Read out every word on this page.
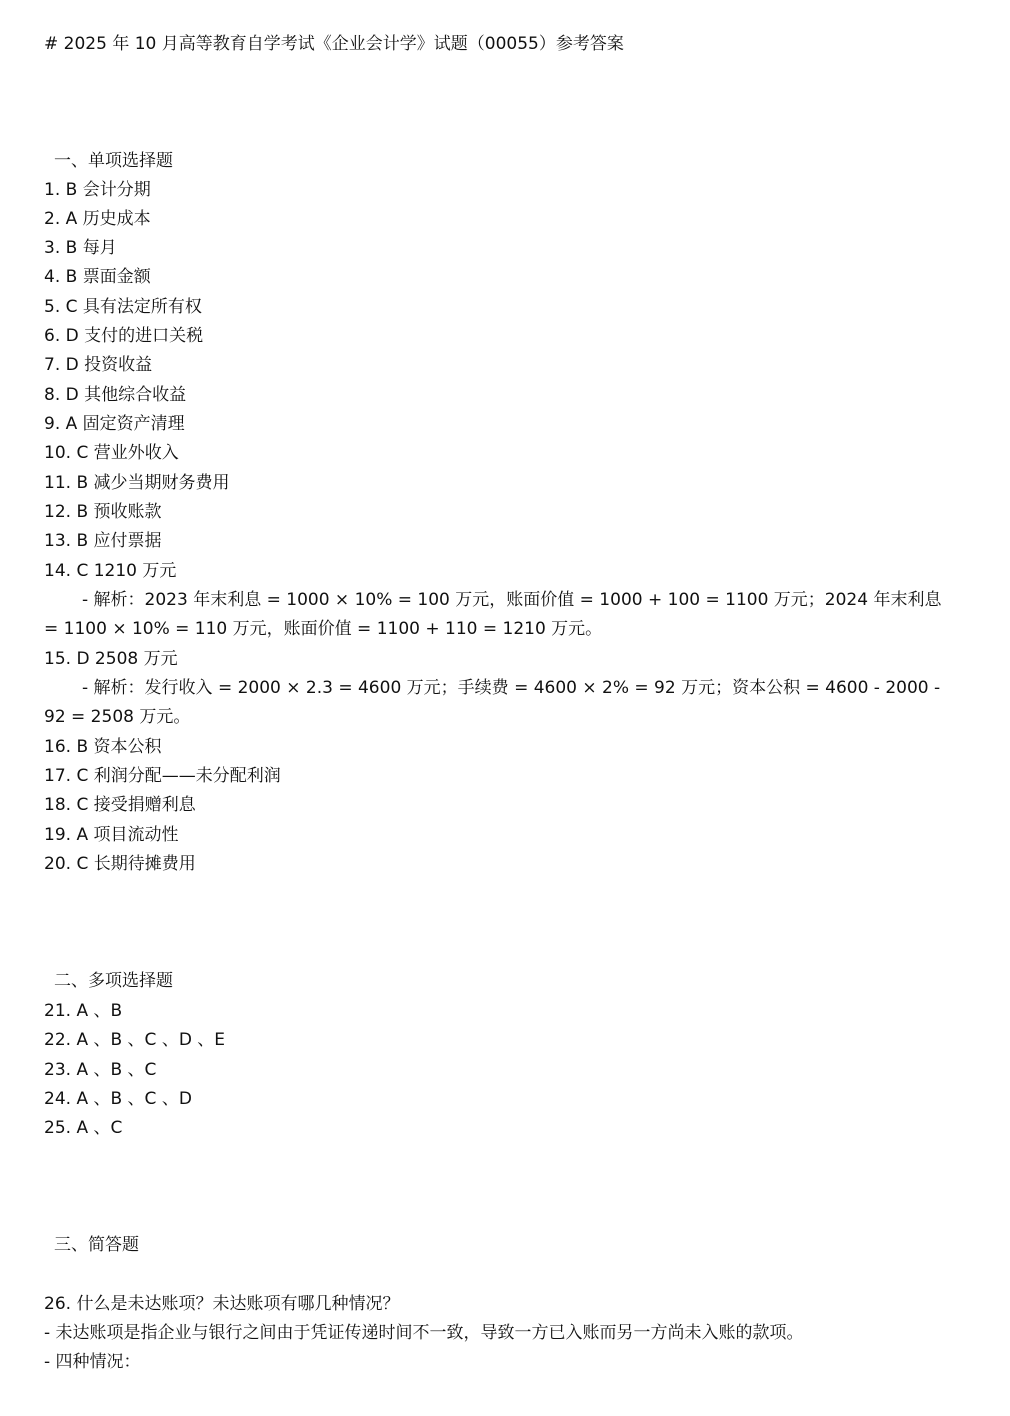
# 2025 年 10 月高等教育自学考试《企业会计学》试题（00055）参考答案
一、单项选择题
1. B 会计分期
2. A 历史成本
3. B 每月
4. B 票面金额
5. C 具有法定所有权
6. D 支付的进口关税
7. D 投资收益
8. D 其他综合收益
9. A 固定资产清理
10. C 营业外收入
11. B 减少当期财务费用
12. B 预收账款
13. B 应付票据
14. C 1210 万元
- 解析：2023 年末利息 = 1000 × 10% = 100 万元，账面价值 = 1000 + 100 = 1100 万元；2024 年末利息 = 1100 × 10% = 110 万元，账面价值 = 1100 + 110 = 1210 万元。
15. D 2508 万元
- 解析：发行收入 = 2000 × 2.3 = 4600 万元；手续费 = 4600 × 2% = 92 万元；资本公积 = 4600 - 2000 - 92 = 2508 万元。
16. B 资本公积
17. C 利润分配——未分配利润
18. C 接受捐赠利息
19. A 项目流动性
20. C 长期待摊费用
二、多项选择题
21. A 、B
22. A 、B 、C 、D 、E
23. A 、B 、C
24. A 、B 、C 、D
25. A 、C
三、简答题
26. 什么是未达账项？未达账项有哪几种情况？
- 未达账项是指企业与银行之间由于凭证传递时间不一致，导致一方已入账而另一方尚未入账的款项。
- 四种情况：
